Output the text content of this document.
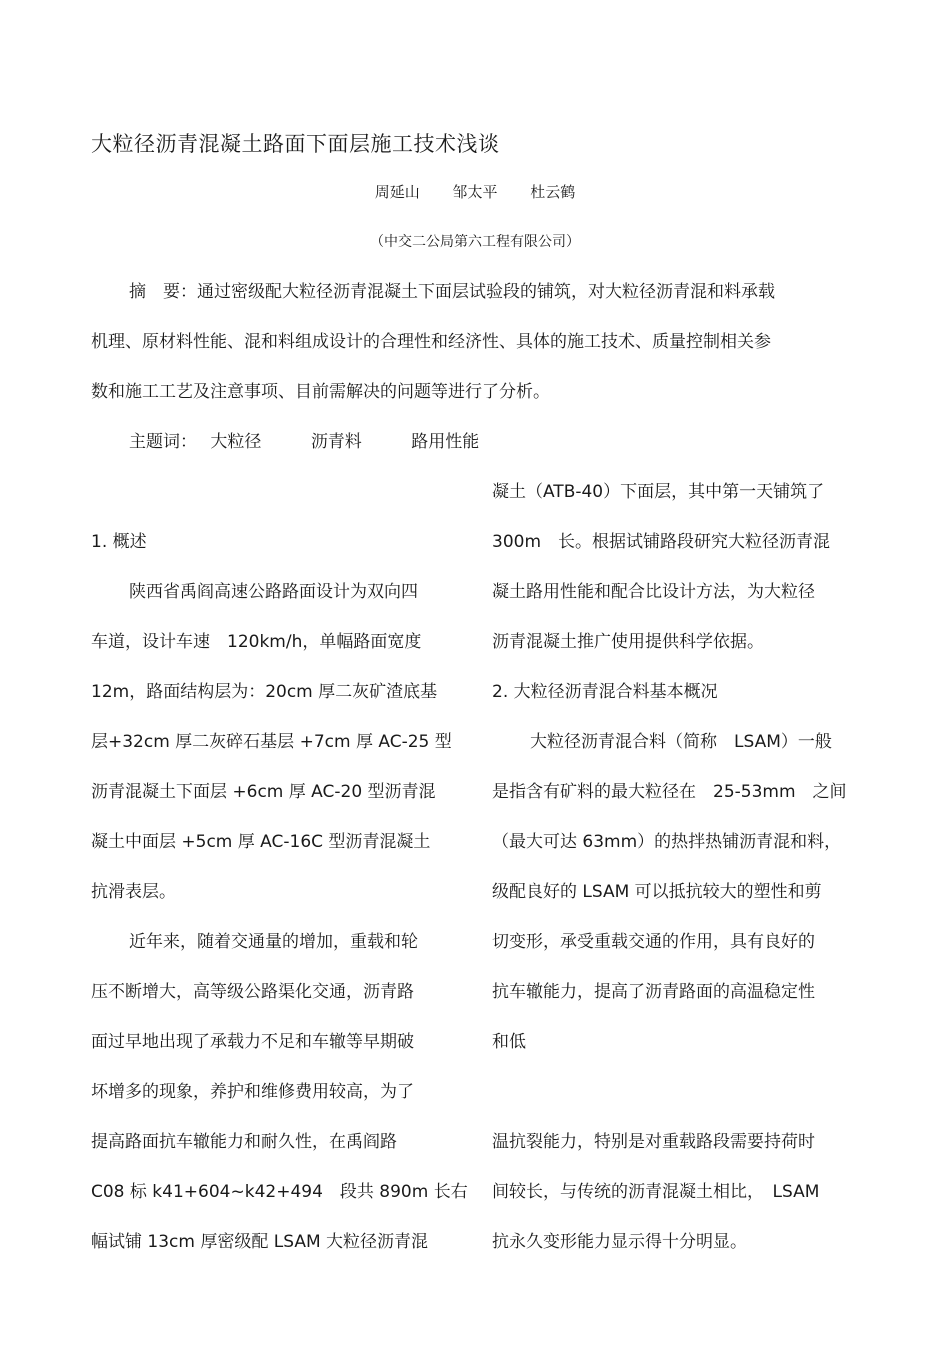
大粒径沥青混凝土路面下面层施工技术浅谈
周延山 邹太平 杜云鹤
（中交二公局第六工程有限公司）
摘　要：通过密级配大粒径沥青混凝土下面层试验段的铺筑，对大粒径沥青混和料承载
机理、原材料性能、混和料组成设计的合理性和经济性、具体的施工技术、质量控制相关参
数和施工工艺及注意事项、目前需解决的问题等进行了分析。
主题词： 大粒径	沥青料	路用性能
1. 概述
陕西省禹阎高速公路路面设计为双向四
车道，设计车速　120km/h，单幅路面宽度
12m，路面结构层为：20cm 厚二灰矿渣底基
层+32cm 厚二灰碎石基层 +7cm 厚 AC-25 型
沥青混凝土下面层 +6cm 厚 AC-20 型沥青混
凝土中面层 +5cm 厚 AC-16C 型沥青混凝土
抗滑表层。
近年来，随着交通量的增加，重载和轮
压不断增大，高等级公路渠化交通，沥青路
面过早地出现了承载力不足和车辙等早期破
坏增多的现象，养护和维修费用较高，为了
提高路面抗车辙能力和耐久性，在禹阎路
C08 标 k41+604~k42+494　段共 890m 长右
幅试铺 13cm 厚密级配 LSAM 大粒径沥青混
凝土（ATB-40）下面层，其中第一天铺筑了
300m　长。根据试铺路段研究大粒径沥青混
凝土路用性能和配合比设计方法，为大粒径
沥青混凝土推广使用提供科学依据。
2. 大粒径沥青混合料基本概况
大粒径沥青混合料（简称　LSAM）一般
是指含有矿料的最大粒径在　25-53mm　之间
（最大可达 63mm）的热拌热铺沥青混和料，
级配良好的 LSAM 可以抵抗较大的塑性和剪
切变形，承受重载交通的作用，具有良好的
抗车辙能力，提高了沥青路面的高温稳定性
和低
温抗裂能力，特别是对重载路段需要持荷时
间较长，与传统的沥青混凝土相比，　LSAM
抗永久变形能力显示得十分明显。
